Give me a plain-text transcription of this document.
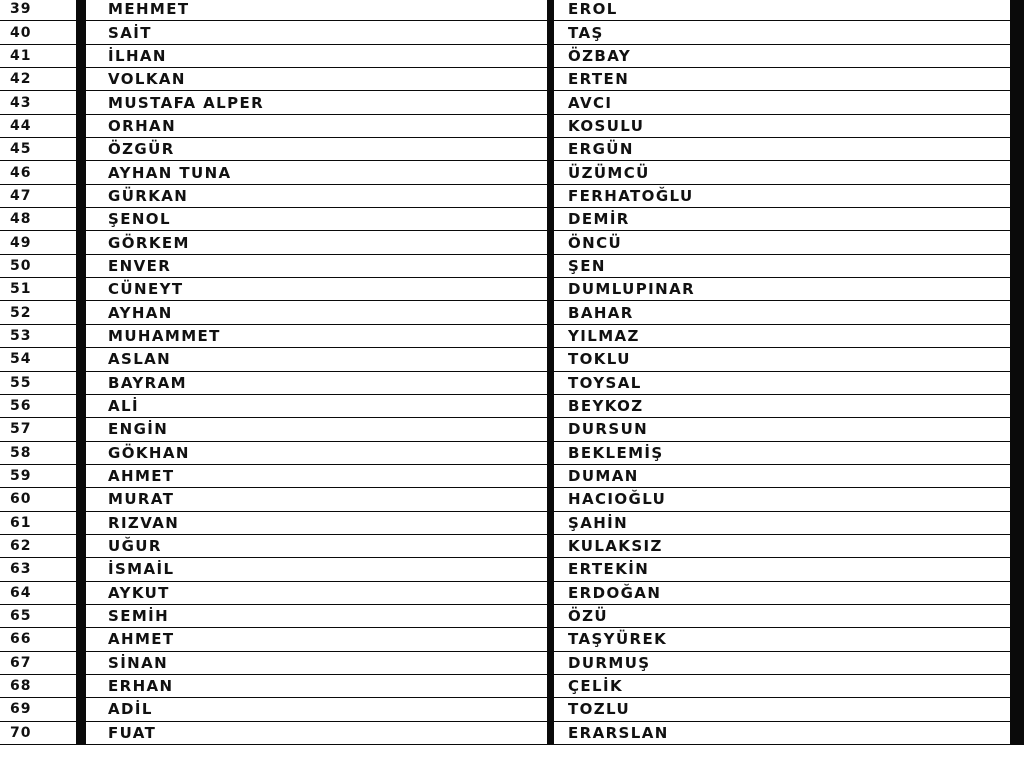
39		MEHMET		EROL	
40		SAİT		TAŞ	
41		İLHAN		ÖZBAY	
42		VOLKAN		ERTEN	
43		MUSTAFA ALPER		AVCI	
44		ORHAN		KOSULU	
45		ÖZGÜR		ERGÜN	
46		AYHAN TUNA		ÜZÜMCÜ	
47		GÜRKAN		FERHATOĞLU	
48		ŞENOL		DEMİR	
49		GÖRKEM		ÖNCÜ	
50		ENVER		ŞEN	
51		CÜNEYT		DUMLUPINAR	
52		AYHAN		BAHAR	
53		MUHAMMET		YILMAZ	
54		ASLAN		TOKLU	
55		BAYRAM		TOYSAL	
56		ALİ		BEYKOZ	
57		ENGİN		DURSUN	
58		GÖKHAN		BEKLEMİŞ	
59		AHMET		DUMAN	
60		MURAT		HACIOĞLU	
61		RIZVAN		ŞAHİN	
62		UĞUR		KULAKSIZ	
63		İSMAİL		ERTEKİN	
64		AYKUT		ERDOĞAN	
65		SEMİH		ÖZÜ	
66		AHMET		TAŞYÜREK	
67		SİNAN		DURMUŞ	
68		ERHAN		ÇELİK	
69		ADİL		TOZLU	
70		FUAT		ERARSLAN	
